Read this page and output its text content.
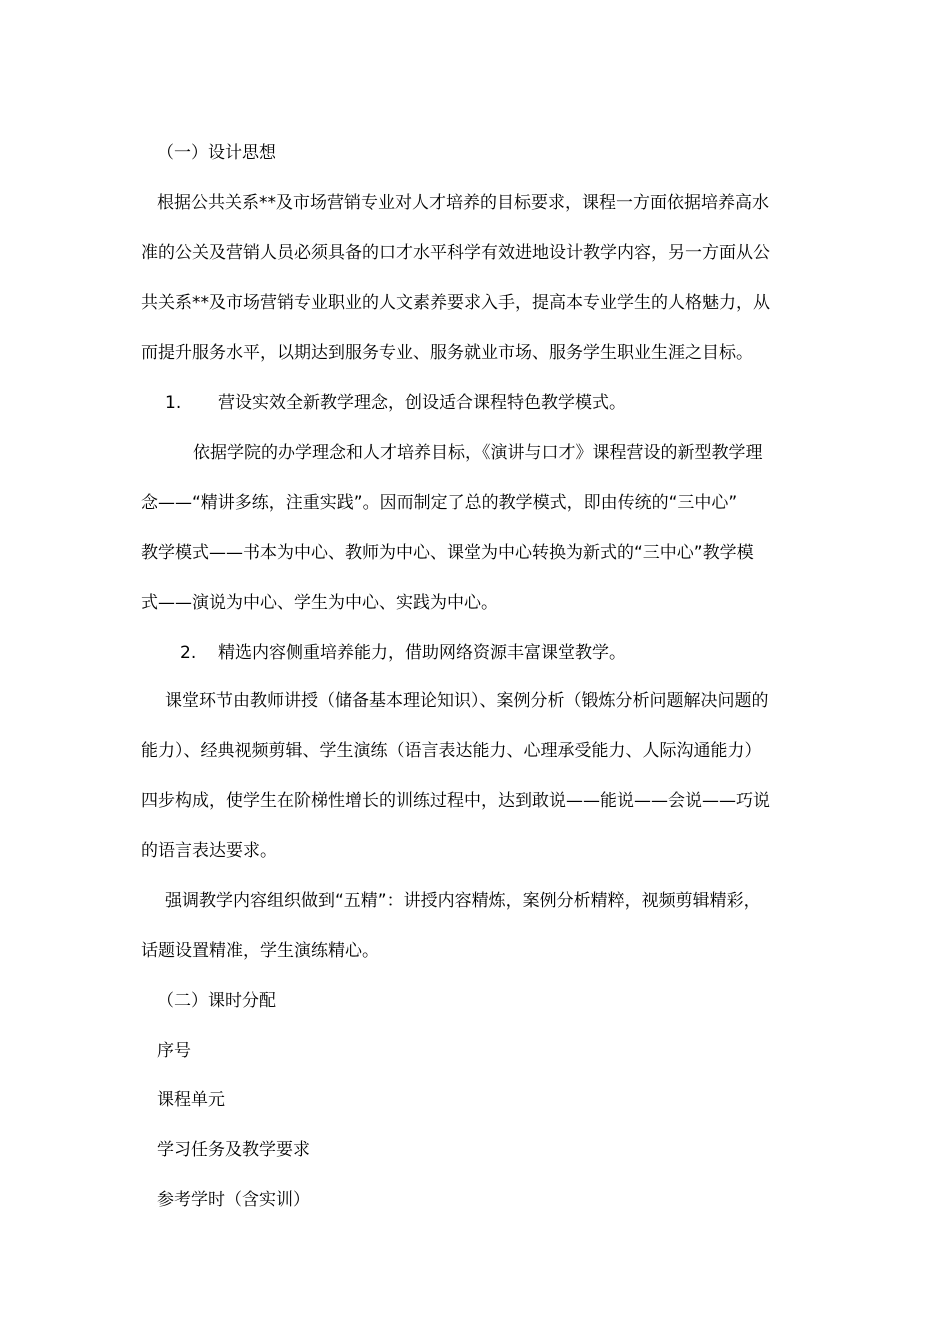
（一）设计思想
根据公共关系**及市场营销专业对人才培养的目标要求，课程一方面依据培养高水
准的公关及营销人员必须具备的口才水平科学有效进地设计教学内容，另一方面从公
共关系**及市场营销专业职业的人文素养要求入手，提高本专业学生的人格魅力，从
而提升服务水平，以期达到服务专业、服务就业市场、服务学生职业生涯之目标。
1. 营设实效全新教学理念，创设适合课程特色教学模式。
依据学院的办学理念和人才培养目标，《演讲与口才》课程营设的新型教学理
念——“精讲多练，注重实践”。因而制定了总的教学模式，即由传统的“三中心”
教学模式——书本为中心、教师为中心、课堂为中心转换为新式的“三中心”教学模
式——演说为中心、学生为中心、实践为中心。
2. 精选内容侧重培养能力，借助网络资源丰富课堂教学。
课堂环节由教师讲授（储备基本理论知识）、案例分析（锻炼分析问题解决问题的
能力）、经典视频剪辑、学生演练（语言表达能力、心理承受能力、人际沟通能力）
四步构成，使学生在阶梯性增长的训练过程中，达到敢说——能说——会说——巧说
的语言表达要求。
强调教学内容组织做到“五精”：讲授内容精炼，案例分析精粹，视频剪辑精彩，
话题设置精准，学生演练精心。
（二）课时分配
序号
课程单元
学习任务及教学要求
参考学时（含实训）
